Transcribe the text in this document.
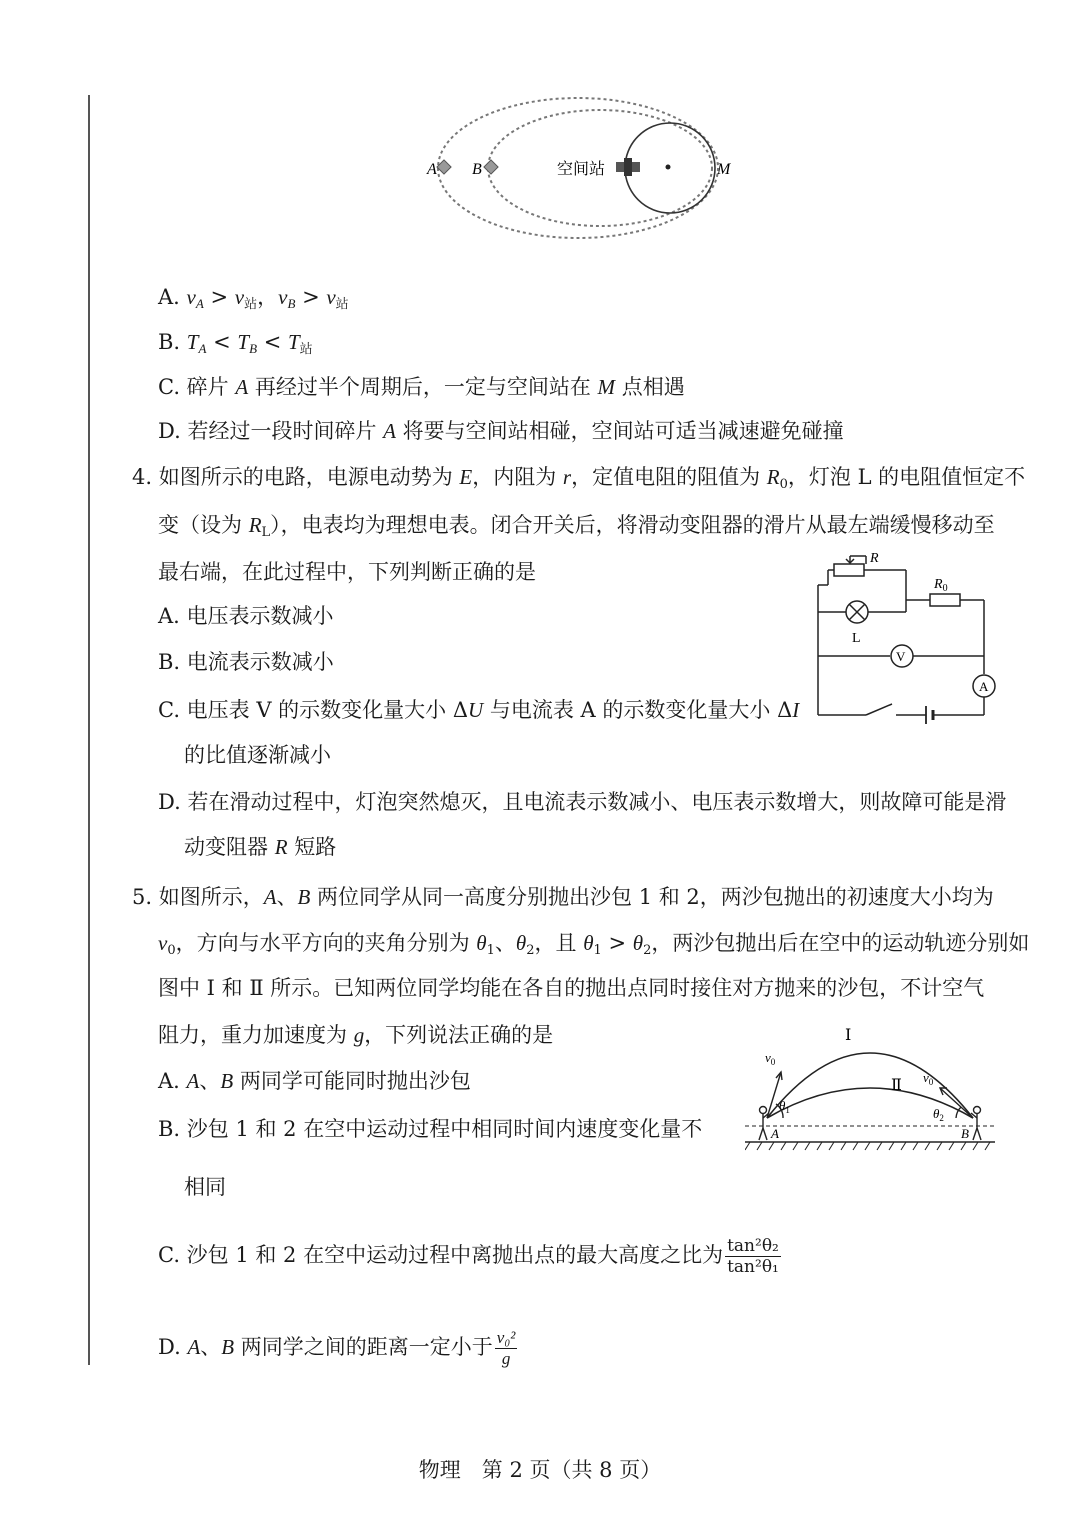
A B	空间站	M
A. $v_A > v_站$，$v_B > v_站$
B. $T_A < T_B < T_站$
C. 碎片 A 再经过半个周期后，一定与空间站在 M 点相遇
D. 若经过一段时间碎片 A 将要与空间站相碰，空间站可适当减速避免碰撞
4. 如图所示的电路，电源电动势为 E，内阻为 r，定值电阻的阻值为 $R_0$，灯泡 L 的电阻值恒定不
变（设为 $R_L$），电表均为理想电表。闭合开关后，将滑动变阻器的滑片从最左端缓慢移动至
最右端，在此过程中，下列判断正确的是
A. 电压表示数减小
B. 电流表示数减小
C. 电压表 V 的示数变化量大小 ΔU 与电流表 A 的示数变化量大小 ΔI
的比值逐渐减小
D. 若在滑动过程中，灯泡突然熄灭，且电流表示数减小、电压表示数增大，则故障可能是滑
动变阻器 R 短路
R
$R_0$
L
V
A
5. 如图所示，A、B 两位同学从同一高度分别抛出沙包 1 和 2，两沙包抛出的初速度大小均为
$v_0$，方向与水平方向的夹角分别为 $\theta_1$、$\theta_2$，且 $\theta_1 > \theta_2$，两沙包抛出后在空中的运动轨迹分别如
图中 Ⅰ 和 Ⅱ 所示。已知两位同学均能在各自的抛出点同时接住对方抛来的沙包，不计空气
阻力，重力加速度为 g，下列说法正确的是
A. A、B 两同学可能同时抛出沙包
B. 沙包 1 和 2 在空中运动过程中相同时间内速度变化量不
相同
C. 沙包 1 和 2 在空中运动过程中离抛出点的最大高度之比为 $\frac{\text{tan²θ₂}}{\text{tan²θ₁}}$
D. A、B 两同学之间的距离一定小于 $\frac{\text{v₀²}}{g}$
Ⅰ
Ⅱ
$v_0$
$v_0$
$\theta_1$	$\theta_2$
A	B
物理　第 2 页（共 8 页）
